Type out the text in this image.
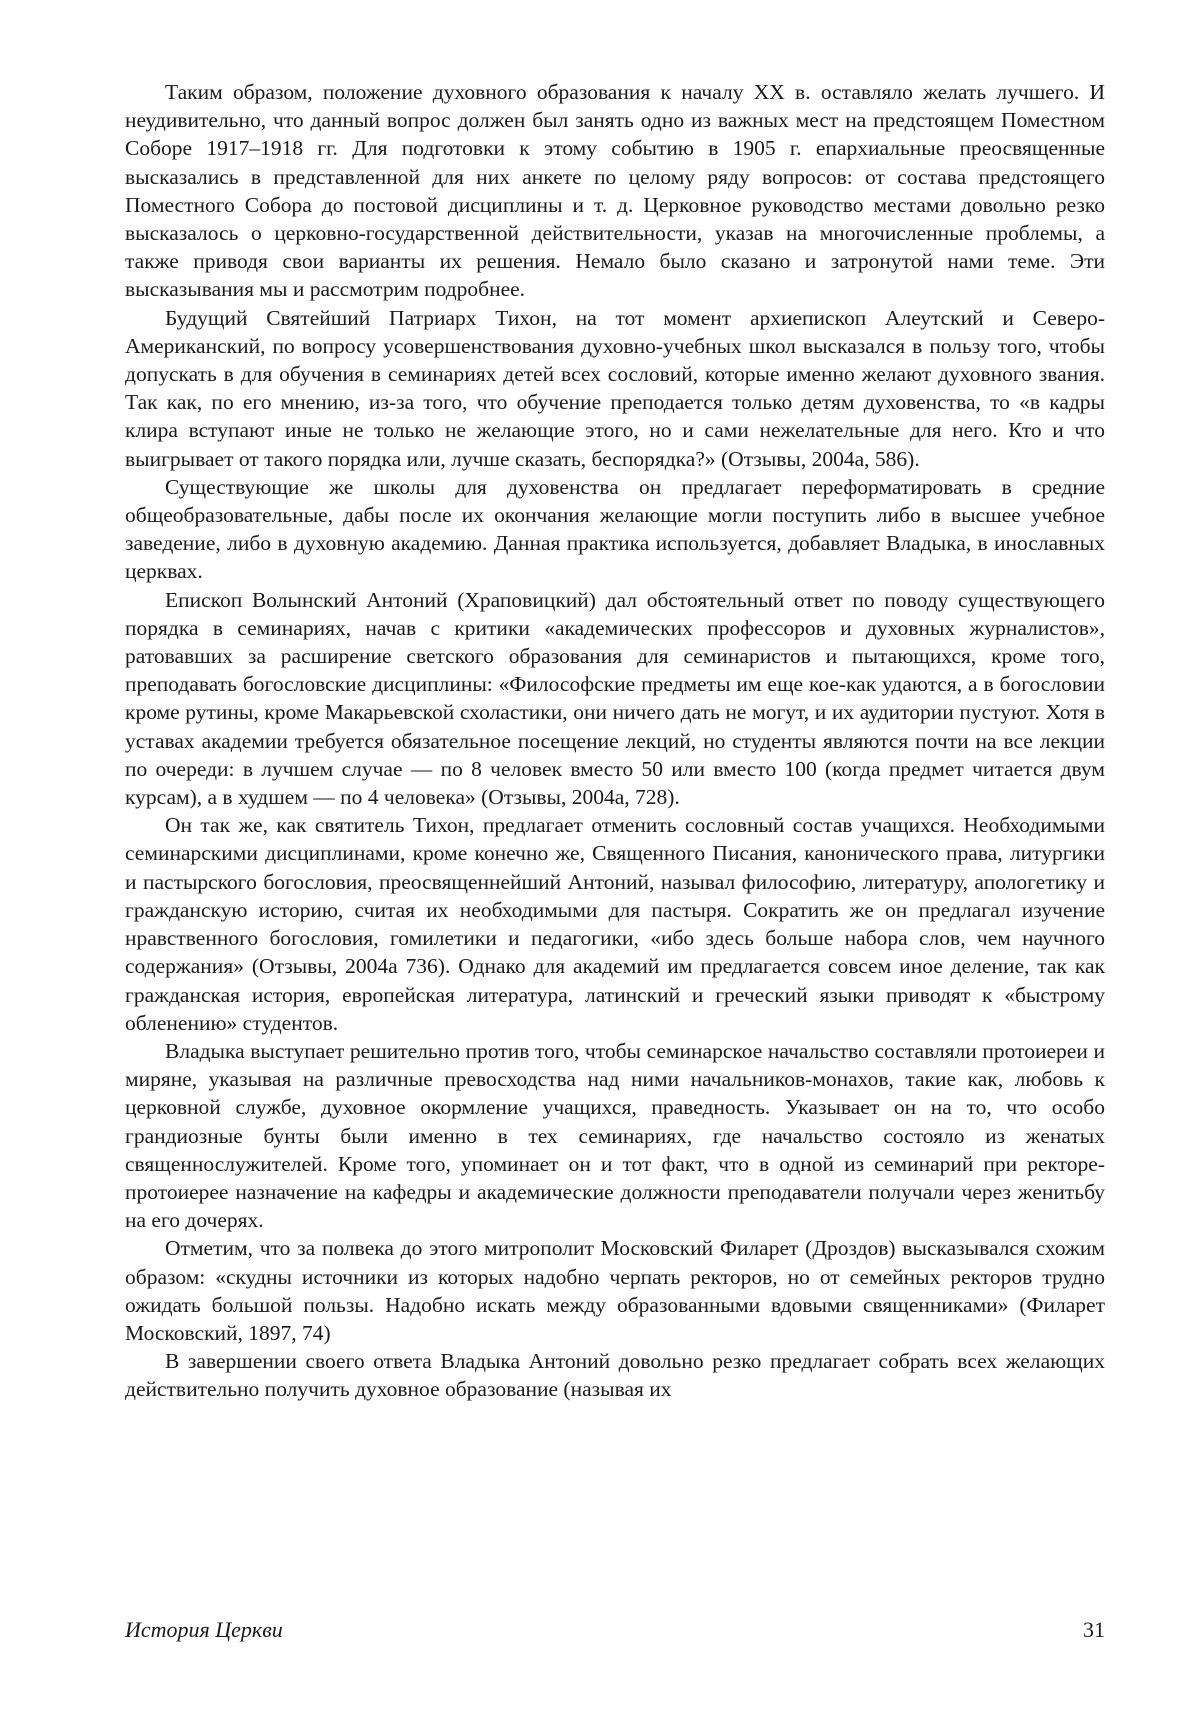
Таким образом, положение духовного образования к началу XX в. оставляло желать лучшего. И неудивительно, что данный вопрос должен был занять одно из важных мест на предстоящем Поместном Соборе 1917–1918 гг. Для подготовки к этому событию в 1905 г. епархиальные преосвященные высказались в представленной для них анкете по целому ряду вопросов: от состава предстоящего Поместного Собора до постовой дисциплины и т. д. Церковное руководство местами довольно резко высказалось о церковно-государственной действительности, указав на многочисленные проблемы, а также приводя свои варианты их решения. Немало было сказано и затронутой нами теме. Эти высказывания мы и рассмотрим подробнее.

Будущий Святейший Патриарх Тихон, на тот момент архиепископ Алеутский и Северо-Американский, по вопросу усовершенствования духовно-учебных школ высказался в пользу того, чтобы допускать в для обучения в семинариях детей всех сословий, которые именно желают духовного звания. Так как, по его мнению, из-за того, что обучение преподается только детям духовенства, то «в кадры клира вступают иные не только не желающие этого, но и сами нежелательные для него. Кто и что выигрывает от такого порядка или, лучше сказать, беспорядка?» (Отзывы, 2004а, 586).

Существующие же школы для духовенства он предлагает переформатировать в средние общеобразовательные, дабы после их окончания желающие могли поступить либо в высшее учебное заведение, либо в духовную академию. Данная практика используется, добавляет Владыка, в инославных церквах.

Епископ Волынский Антоний (Храповицкий) дал обстоятельный ответ по поводу существующего порядка в семинариях, начав с критики «академических профессоров и духовных журналистов», ратовавших за расширение светского образования для семинаристов и пытающихся, кроме того, преподавать богословские дисциплины: «Философские предметы им еще кое-как удаются, а в богословии кроме рутины, кроме Макарьевской схоластики, они ничего дать не могут, и их аудитории пустуют. Хотя в уставах академии требуется обязательное посещение лекций, но студенты являются почти на все лекции по очереди: в лучшем случае — по 8 человек вместо 50 или вместо 100 (когда предмет читается двум курсам), а в худшем — по 4 человека» (Отзывы, 2004а, 728).

Он так же, как святитель Тихон, предлагает отменить сословный состав учащихся. Необходимыми семинарскими дисциплинами, кроме конечно же, Священного Писания, канонического права, литургики и пастырского богословия, преосвященнейший Антоний, называл философию, литературу, апологетику и гражданскую историю, считая их необходимыми для пастыря. Сократить же он предлагал изучение нравственного богословия, гомилетики и педагогики, «ибо здесь больше набора слов, чем научного содержания» (Отзывы, 2004а 736). Однако для академий им предлагается совсем иное деление, так как гражданская история, европейская литература, латинский и греческий языки приводят к «быстрому обленению» студентов.

Владыка выступает решительно против того, чтобы семинарское начальство составляли протоиереи и миряне, указывая на различные превосходства над ними начальников-монахов, такие как, любовь к церковной службе, духовное окормление учащихся, праведность. Указывает он на то, что особо грандиозные бунты были именно в тех семинариях, где начальство состояло из женатых священнослужителей. Кроме того, упоминает он и тот факт, что в одной из семинарий при ректоре-протоиерее назначение на кафедры и академические должности преподаватели получали через женитьбу на его дочерях.

Отметим, что за полвека до этого митрополит Московский Филарет (Дроздов) высказывался схожим образом: «скудны источники из которых надобно черпать ректоров, но от семейных ректоров трудно ожидать большой пользы. Надобно искать между образованными вдовыми священниками» (Филарет Московский, 1897, 74)

В завершении своего ответа Владыка Антоний довольно резко предлагает собрать всех желающих действительно получить духовное образование (называя их

История Церкви	31
